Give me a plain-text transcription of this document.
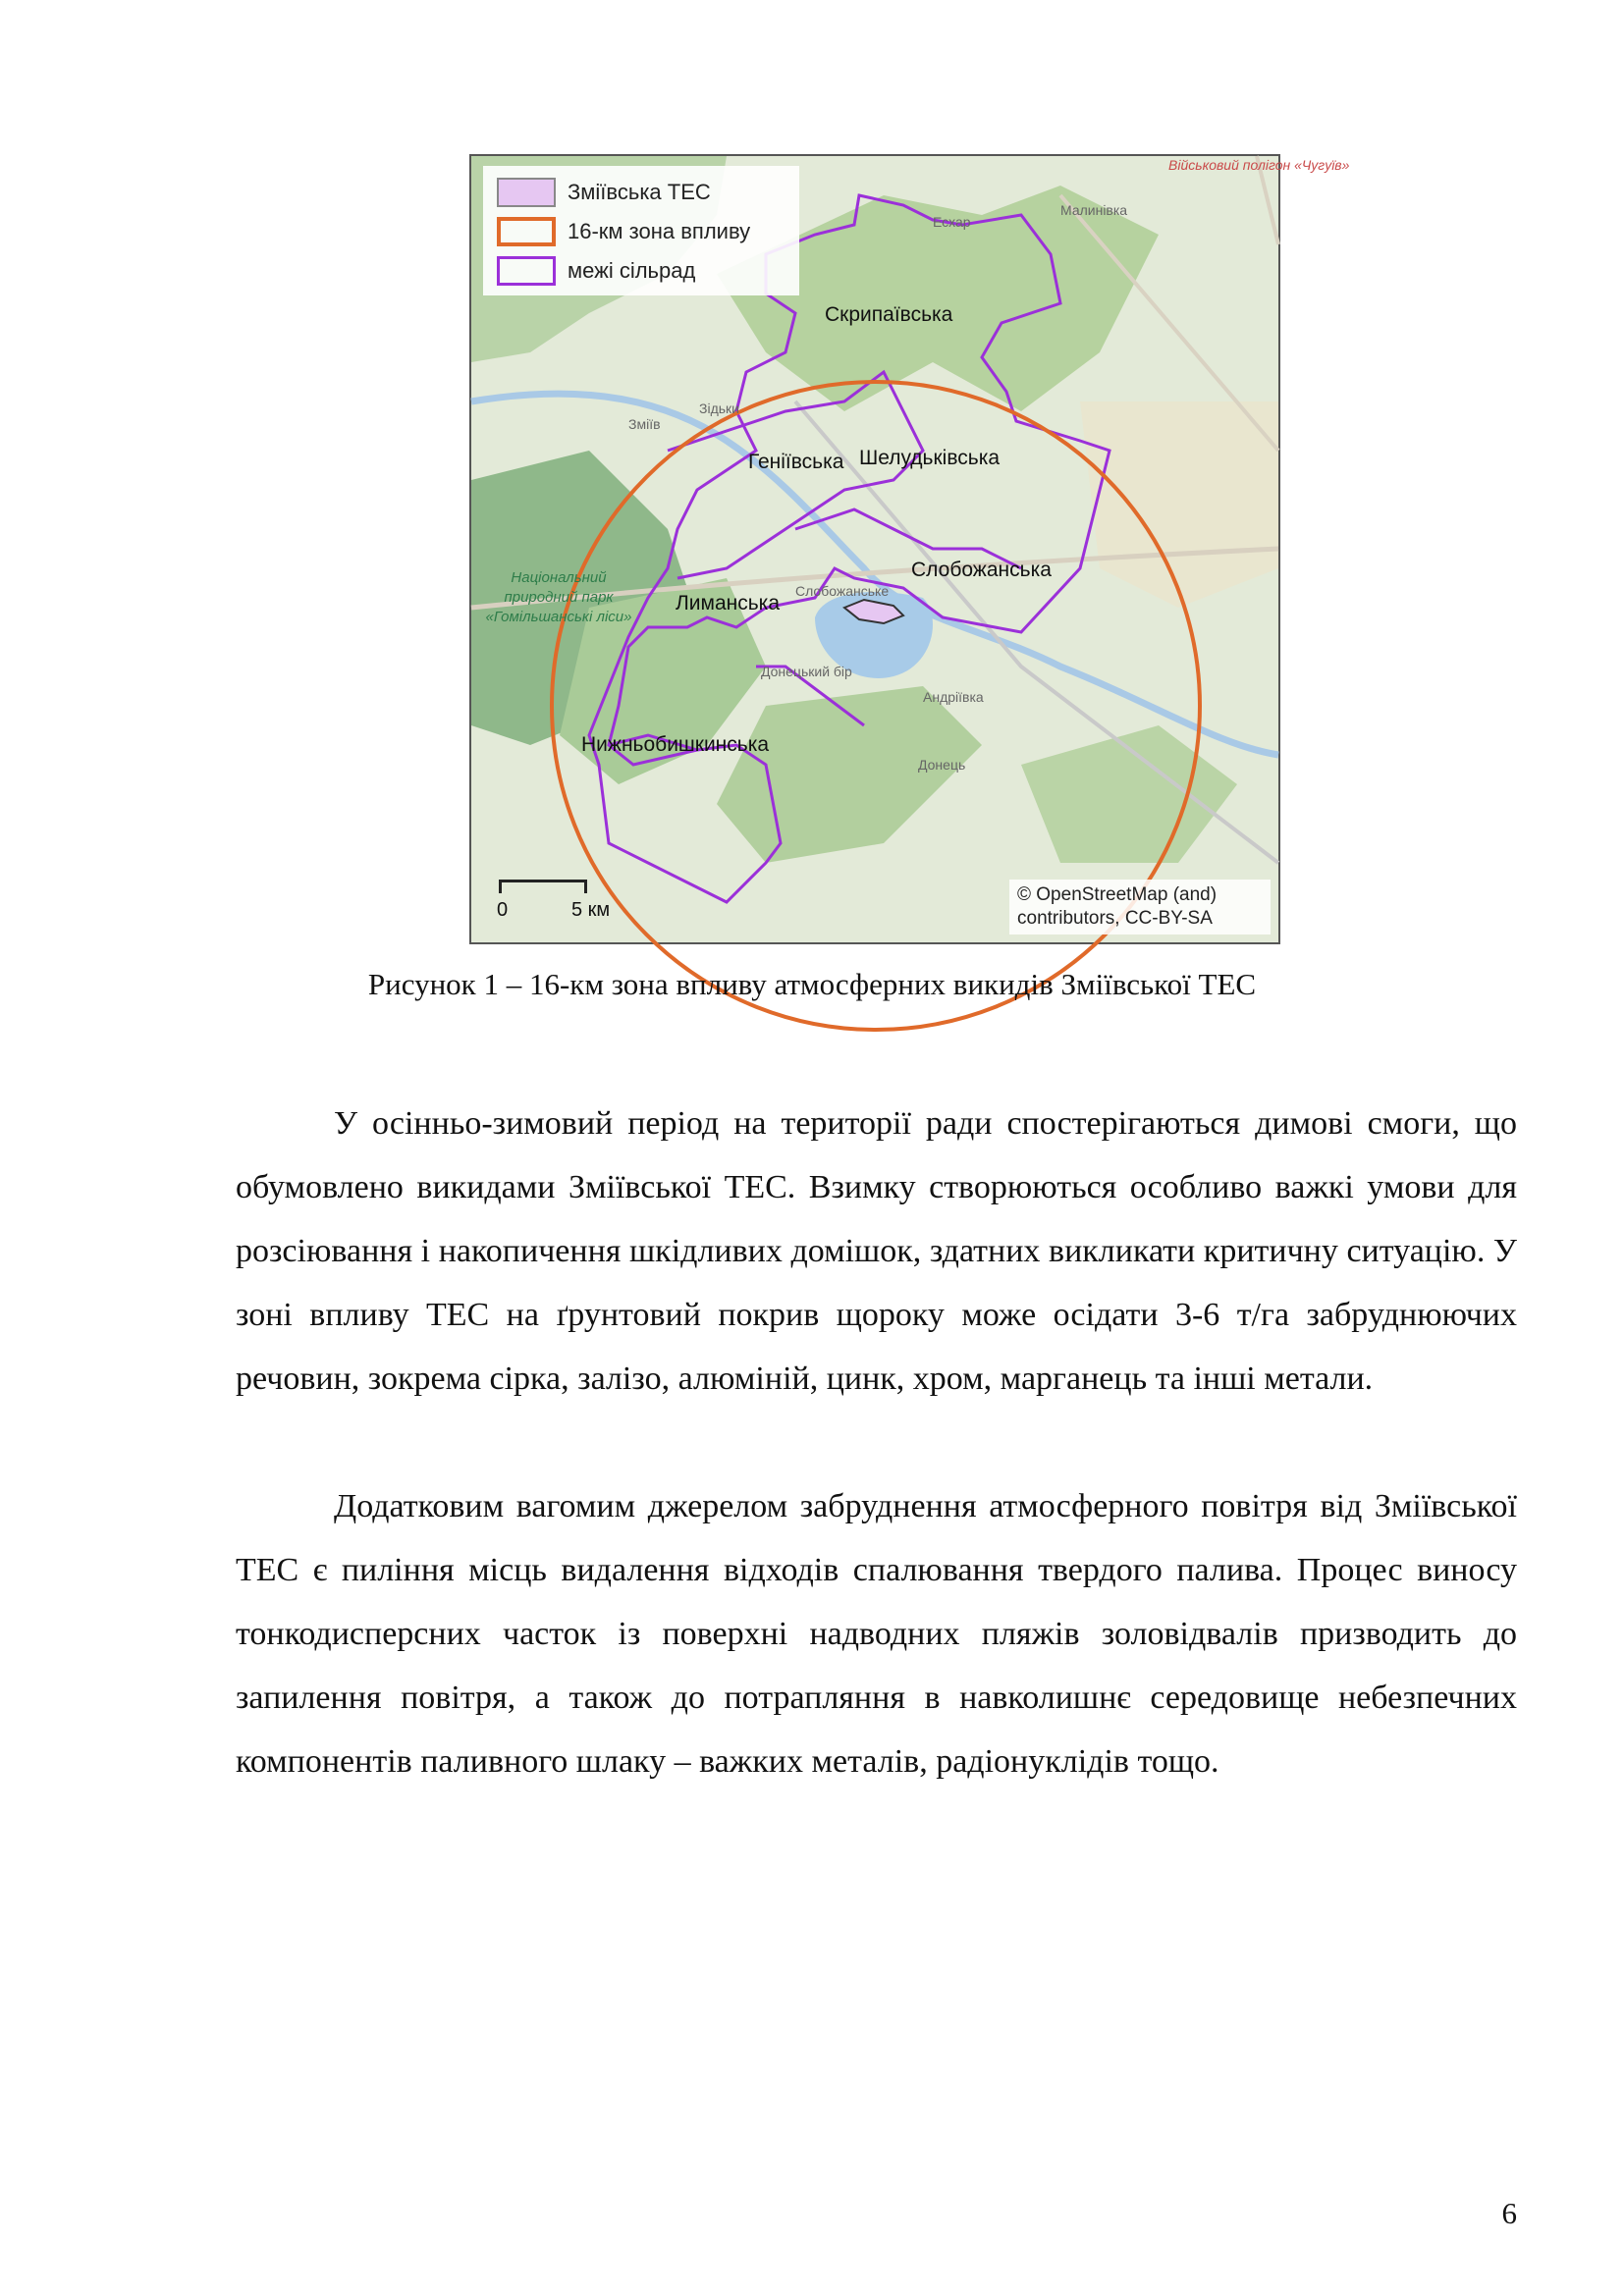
Скрипаївська
Геніївська Шелудьківська
Слобожанська
Лиманська
Нижньобишкинська
Військовий полігон «Чугуїв»
Малинівка
Есхар
Зідьки
Зміїв
Слобожанське
Андріївка
Донецький бір
Донець
Національний природний парк «Гомільшанські ліси»
Зміївська ТЕС
16-км зона впливу
межі сільрад
0	5 км
© OpenStreetMap (and) contributors, CC-BY-SA
Рисунок 1 – 16-км зона впливу атмосферних викидів Зміївської ТЕС

У осінньо-зимовий період на території ради спостерігаються димові смоги, що обумовлено викидами Зміївської ТЕС. Взимку створюються особливо важкі умови для розсіювання і накопичення шкідливих домішок, здатних викликати критичну ситуацію. У зоні впливу ТЕС на ґрунтовий покрив щороку може осідати 3-6 т/га забруднюючих речовин, зокрема сірка, залізо, алюміній, цинк, хром, марганець та інші метали.

Додатковим вагомим джерелом забруднення атмосферного повітря від Зміївської ТЕС є пиління місць видалення відходів спалювання твердого палива. Процес виносу тонкодисперсних часток із поверхні надводних пляжів золовідвалів призводить до запилення повітря, а також до потрапляння в навколишнє середовище небезпечних компонентів паливного шлаку – важких металів, радіонуклідів тощо.

6
